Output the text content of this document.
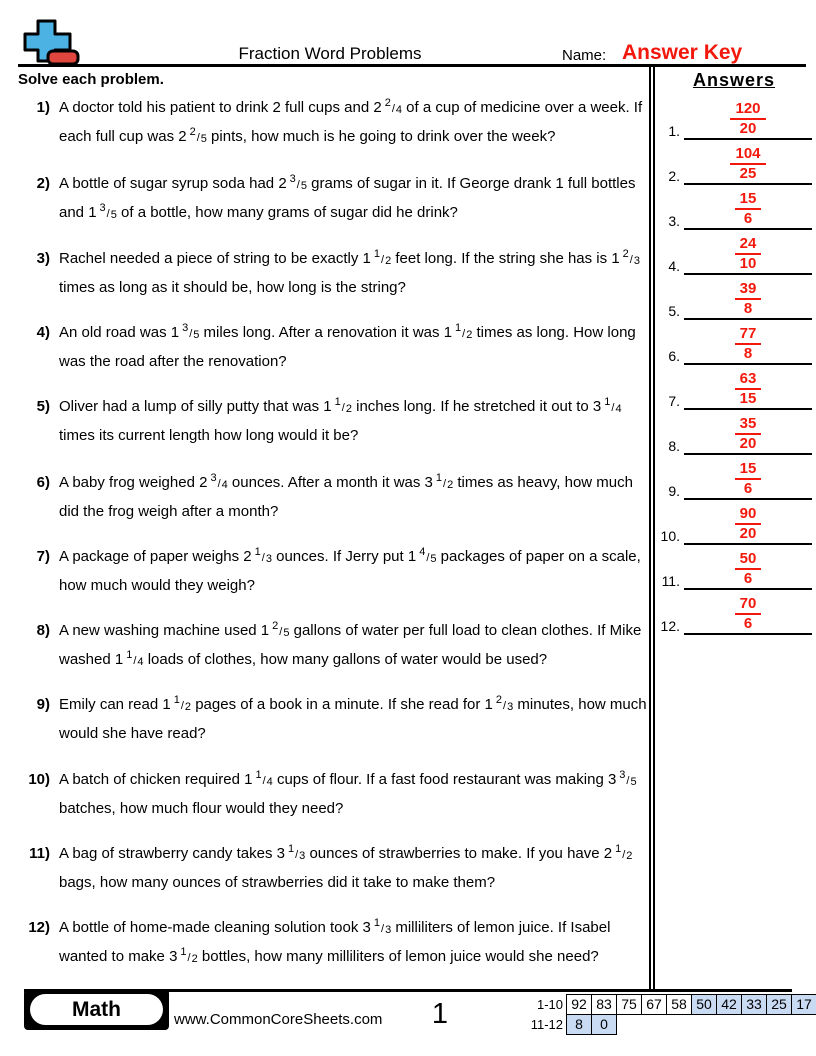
Fraction Word Problems	Name: Answer Key
Solve each problem.	Answers
1.	$\frac{120}{20}$
2.	$\frac{104}{25}$
3.	$\frac{15}{6}$
4.	$\frac{24}{10}$
5.	$\frac{39}{8}$
6.	$\frac{77}{8}$
7.	$\frac{63}{15}$
8.	$\frac{35}{20}$
9.	$\frac{15}{6}$
10.	$\frac{90}{20}$
11.	$\frac{50}{6}$
12.	$\frac{70}{6}$
1) A doctor told his patient to drink 2 full cups and 2 $^2/_4$ of a cup of medicine over a week. If each full cup was 2 $^2/_5$ pints, how much is he going to drink over the week?
2) A bottle of sugar syrup soda had 2 $^3/_5$ grams of sugar in it. If George drank 1 full bottles and 1 $^3/_5$ of a bottle, how many grams of sugar did he drink?
3) Rachel needed a piece of string to be exactly 1 $^1/_2$ feet long. If the string she has is 1 $^2/_3$ times as long as it should be, how long is the string?
4) An old road was 1 $^3/_5$ miles long. After a renovation it was 1 $^1/_2$ times as long. How long was the road after the renovation?
5) Oliver had a lump of silly putty that was 1 $^1/_2$ inches long. If he stretched it out to 3 $^1/_4$ times its current length how long would it be?
6) A baby frog weighed 2 $^3/_4$ ounces. After a month it was 3 $^1/_2$ times as heavy, how much did the frog weigh after a month?
7) A package of paper weighs 2 $^1/_3$ ounces. If Jerry put 1 $^4/_5$ packages of paper on a scale, how much would they weigh?
8) A new washing machine used 1 $^2/_5$ gallons of water per full load to clean clothes. If Mike washed 1 $^1/_4$ loads of clothes, how many gallons of water would be used?
9) Emily can read 1 $^1/_2$ pages of a book in a minute. If she read for 1 $^2/_3$ minutes, how much would she have read?
10) A batch of chicken required 1 $^1/_4$ cups of flour. If a fast food restaurant was making 3 $^3/_5$ batches, how much flour would they need?
11) A bag of strawberry candy takes 3 $^1/_3$ ounces of strawberries to make. If you have 2 $^1/_2$ bags, how many ounces of strawberries did it take to make them?
12) A bottle of home-made cleaning solution took 3 $^1/_3$ milliliters of lemon juice. If Isabel wanted to make 3 $^1/_2$ bottles, how many milliliters of lemon juice would she need?
Math	www.CommonCoreSheets.com	1	1-10 92 83 75 67 58 50 42 33 25 17
11-12 8	0
